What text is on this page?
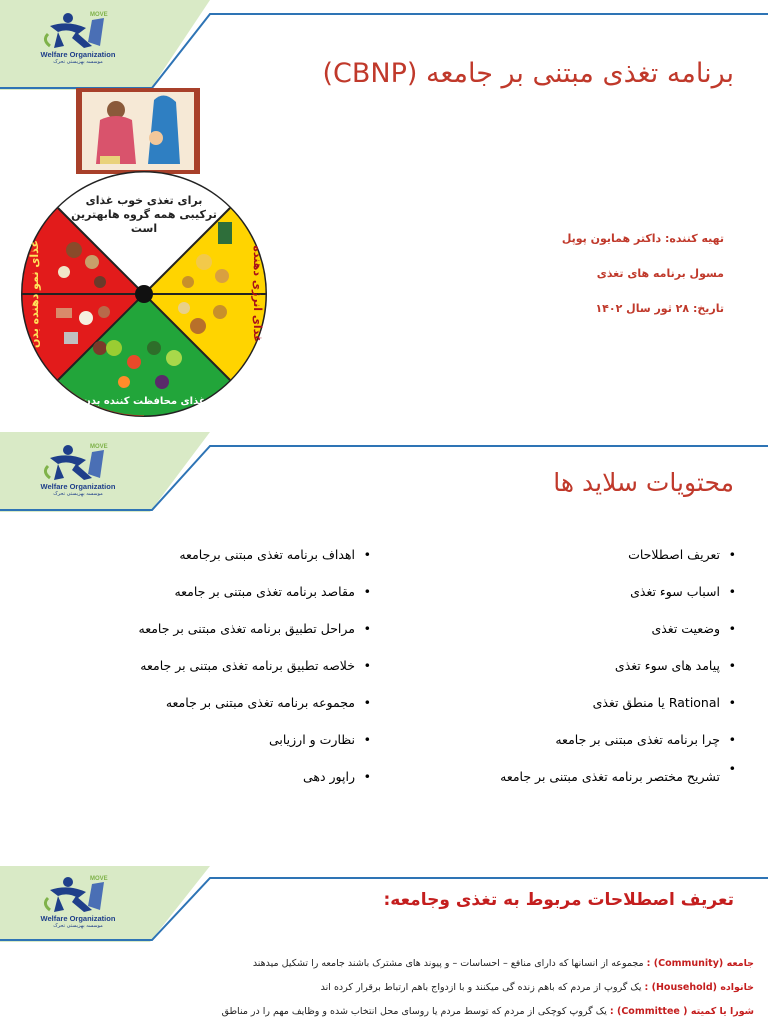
MOVE
Welfare Organization
موسسه بهزیستی تحرک	برنامه تغذی مبتنی بر جامعه (CBNP)
برای تغذی خوب غذای
ترکیبی همه گروه هابهترین
است
غذای نمو دهنده بدن	غذای انرژی دهنده
غذای محافظت کننده بدن
تهیه کننده: داکتر همایون پوپل
مسول برنامه های تغذی
تاریخ: ۲۸ ثور سال ۱۴۰۲
MOVE
Welfare Organization
موسسه بهزیستی تحرک	محتویات سلاید ها
• تعریف اصطلاحات
• اسباب سوء تغذی
• وضعیت تغذی
• پیامد های سوء تغذی
• Rational یا منطق تغذی
• چرا برنامه تغذی مبتنی بر جامعه
• تشریح مختصر برنامه تغذی مبتنی بر جامعه
• اهداف برنامه تغذی مبتنی برجامعه
• مقاصد برنامه تغذی مبتنی بر جامعه
• مراحل تطبیق برنامه تغذی مبتنی بر جامعه
• خلاصه تطبیق برنامه تغذی مبتنی بر جامعه
• مجموعه برنامه تغذی مبتنی بر جامعه
• نظارت و ارزیابی
• راپور دهی
MOVE
Welfare Organization
موسسه بهزیستی تحرک
تعریف اصطلاحات مربوط به تغذی وجامعه:
جامعه (Community) : مجموعه از انسانها که دارای منافع – احساسات – و پیوند های مشترک باشند جامعه را تشکیل میدهند
خانواده (Household) : یک گروپ از مردم که باهم زنده گی میکنند و با ازدواج باهم ارتباط برقرار کرده اند
شورا یا کمیته ( Committee) : یک گروپ کوچکی از مردم که توسط مردم یا روسای محل انتخاب شده و وظایف مهم را در مناطق
